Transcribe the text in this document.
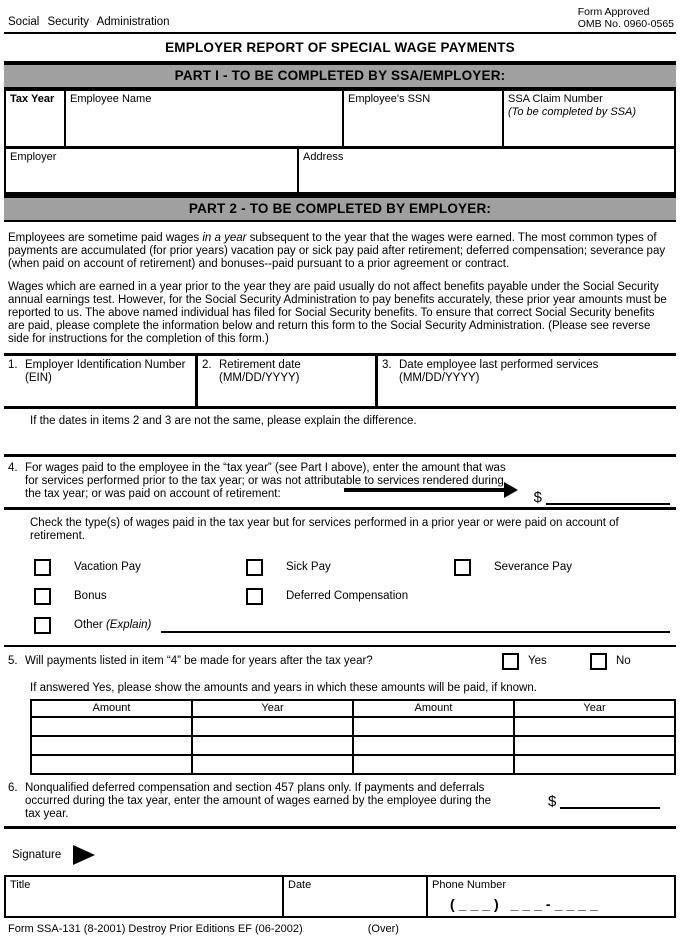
Social Security Administration
Form Approved
OMB No. 0960-0565
EMPLOYER REPORT OF SPECIAL WAGE PAYMENTS
PART I - TO BE COMPLETED BY SSA/EMPLOYER:
Tax Year	Employee Name	Employee's SSN	SSA Claim Number
(To be completed by SSA)
Employer	Address
PART 2 - TO BE COMPLETED BY EMPLOYER:
Employees are sometime paid wages in a year subsequent to the year that the wages were earned. The most common types of payments are accumulated (for prior years) vacation pay or sick pay paid after retirement; deferred compensation; severance pay (when paid on account of retirement) and bonuses--paid pursuant to a prior agreement or contract.
Wages which are earned in a year prior to the year they are paid usually do not affect benefits payable under the Social Security annual earnings test. However, for the Social Security Administration to pay benefits accurately, these prior year amounts must be reported to us. The above named individual has filed for Social Security benefits. To ensure that correct Social Security benefits are paid, please complete the information below and return this form to the Social Security Administration. (Please see reverse side for instructions for the completion of this form.)
1. Employer Identification Number
(EIN)
2. Retirement date
(MM/DD/YYYY)
3. Date employee last performed services
(MM/DD/YYYY)
If the dates in items 2 and 3 are not the same, please explain the difference.
4. For wages paid to the employee in the “tax year” (see Part I above), enter the amount that was for services performed prior to the tax year; or was not attributable to services rendered during the tax year; or was paid on account of retirement:	$
Check the type(s) of wages paid in the tax year but for services performed in a prior year or were paid on account of retirement.
Vacation Pay	Sick Pay	Severance Pay
Bonus	Deferred Compensation
Other (Explain)
5. Will payments listed in item “4” be made for years after the tax year?	Yes	No
If answered Yes, please show the amounts and years in which these amounts will be paid, if known.
Amount	Year	Amount	Year

6. Nonqualified deferred compensation and section 457 plans only. If payments and deferrals occurred during the tax year, enter the amount of wages earned by the employee during the tax year.
$
Signature
Title	Date	Phone Number
(___) ___-____
Form SSA-131 (8-2001) Destroy Prior Editions EF (06-2002)	(Over)
